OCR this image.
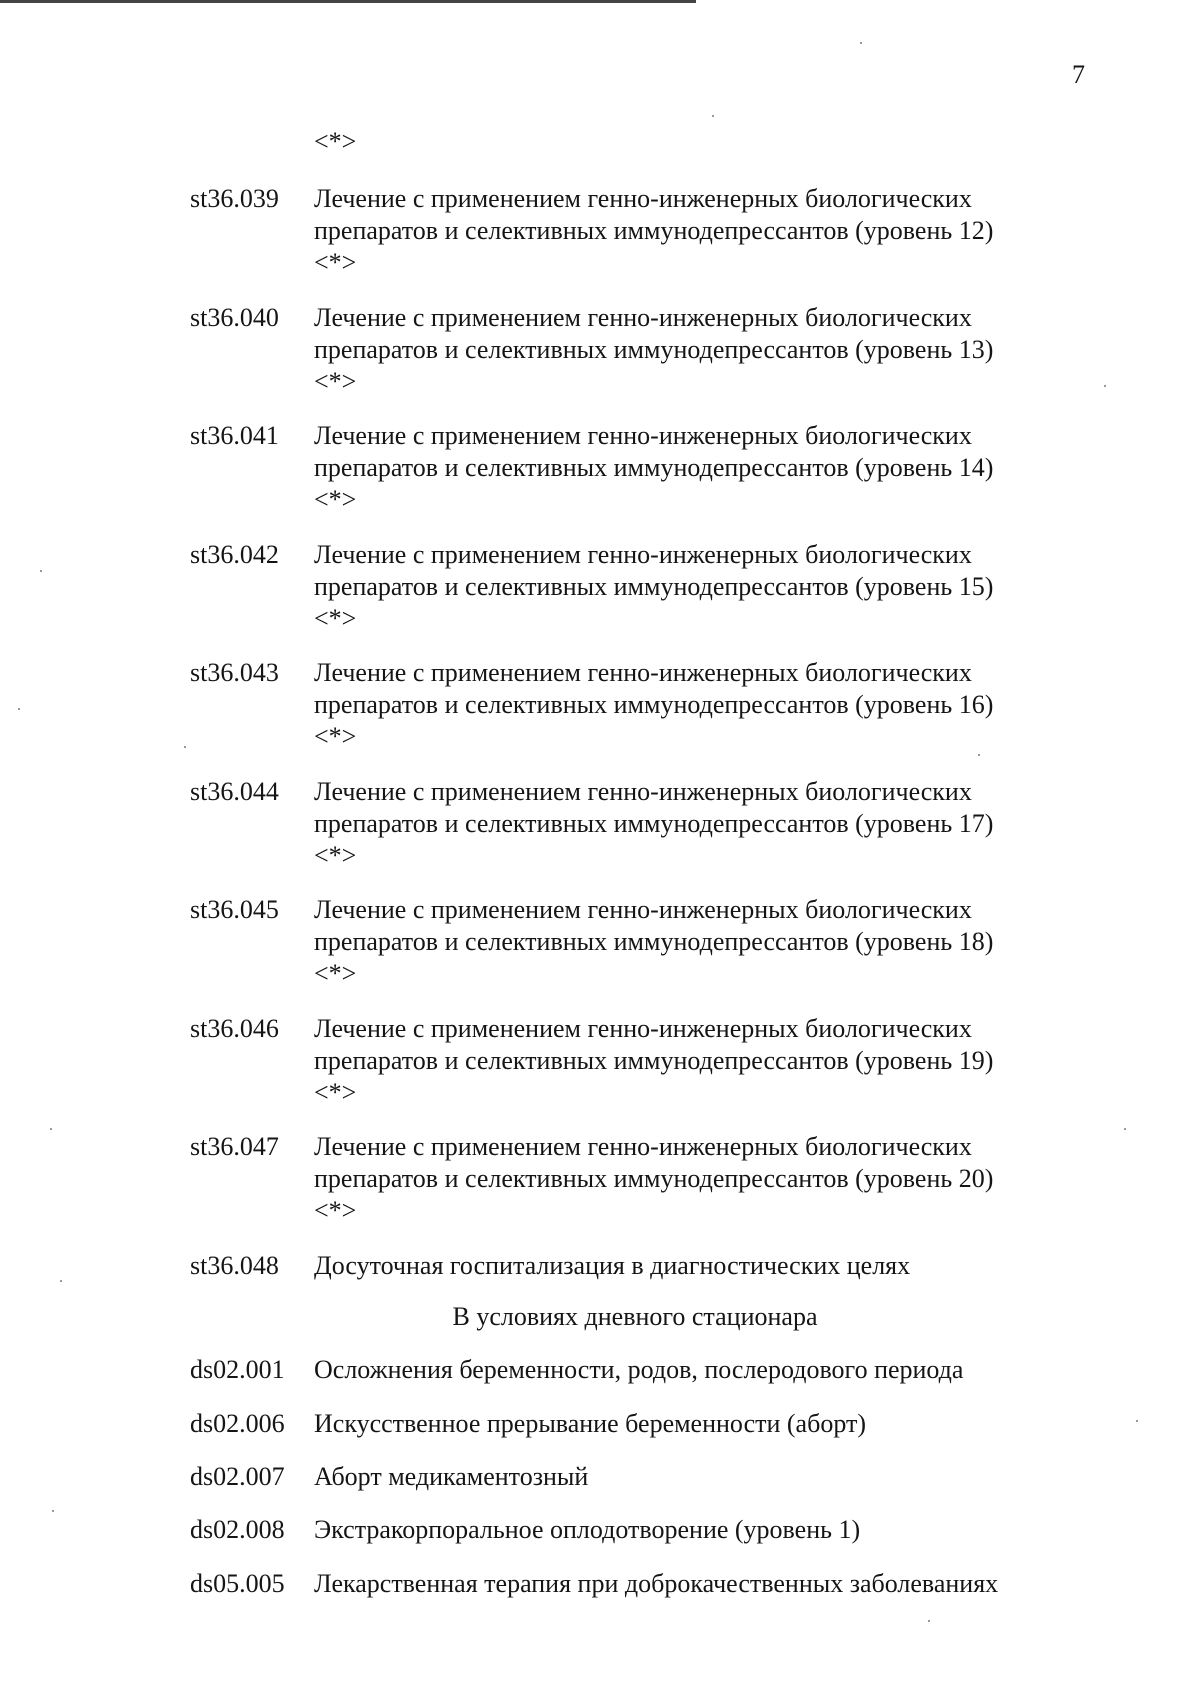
7
<*>
st36.039	Лечение с применением генно-инженерных биологических
препаратов и селективных иммунодепрессантов (уровень 12)
<*>
st36.040	Лечение с применением генно-инженерных биологических
препаратов и селективных иммунодепрессантов (уровень 13)
<*>
st36.041	Лечение с применением генно-инженерных биологических
препаратов и селективных иммунодепрессантов (уровень 14)
<*>
st36.042	Лечение с применением генно-инженерных биологических
препаратов и селективных иммунодепрессантов (уровень 15)
<*>
st36.043	Лечение с применением генно-инженерных биологических
препаратов и селективных иммунодепрессантов (уровень 16)
<*>
st36.044	Лечение с применением генно-инженерных биологических
препаратов и селективных иммунодепрессантов (уровень 17)
<*>
st36.045	Лечение с применением генно-инженерных биологических
препаратов и селективных иммунодепрессантов (уровень 18)
<*>
st36.046	Лечение с применением генно-инженерных биологических
препаратов и селективных иммунодепрессантов (уровень 19)
<*>
st36.047	Лечение с применением генно-инженерных биологических
препаратов и селективных иммунодепрессантов (уровень 20)
<*>
st36.048	Досуточная госпитализация в диагностических целях
В условиях дневного стационара
ds02.001	Осложнения беременности, родов, послеродового периода
ds02.006	Искусственное прерывание беременности (аборт)
ds02.007	Аборт медикаментозный
ds02.008	Экстракорпоральное оплодотворение (уровень 1)
ds05.005	Лекарственная терапия при доброкачественных заболеваниях
